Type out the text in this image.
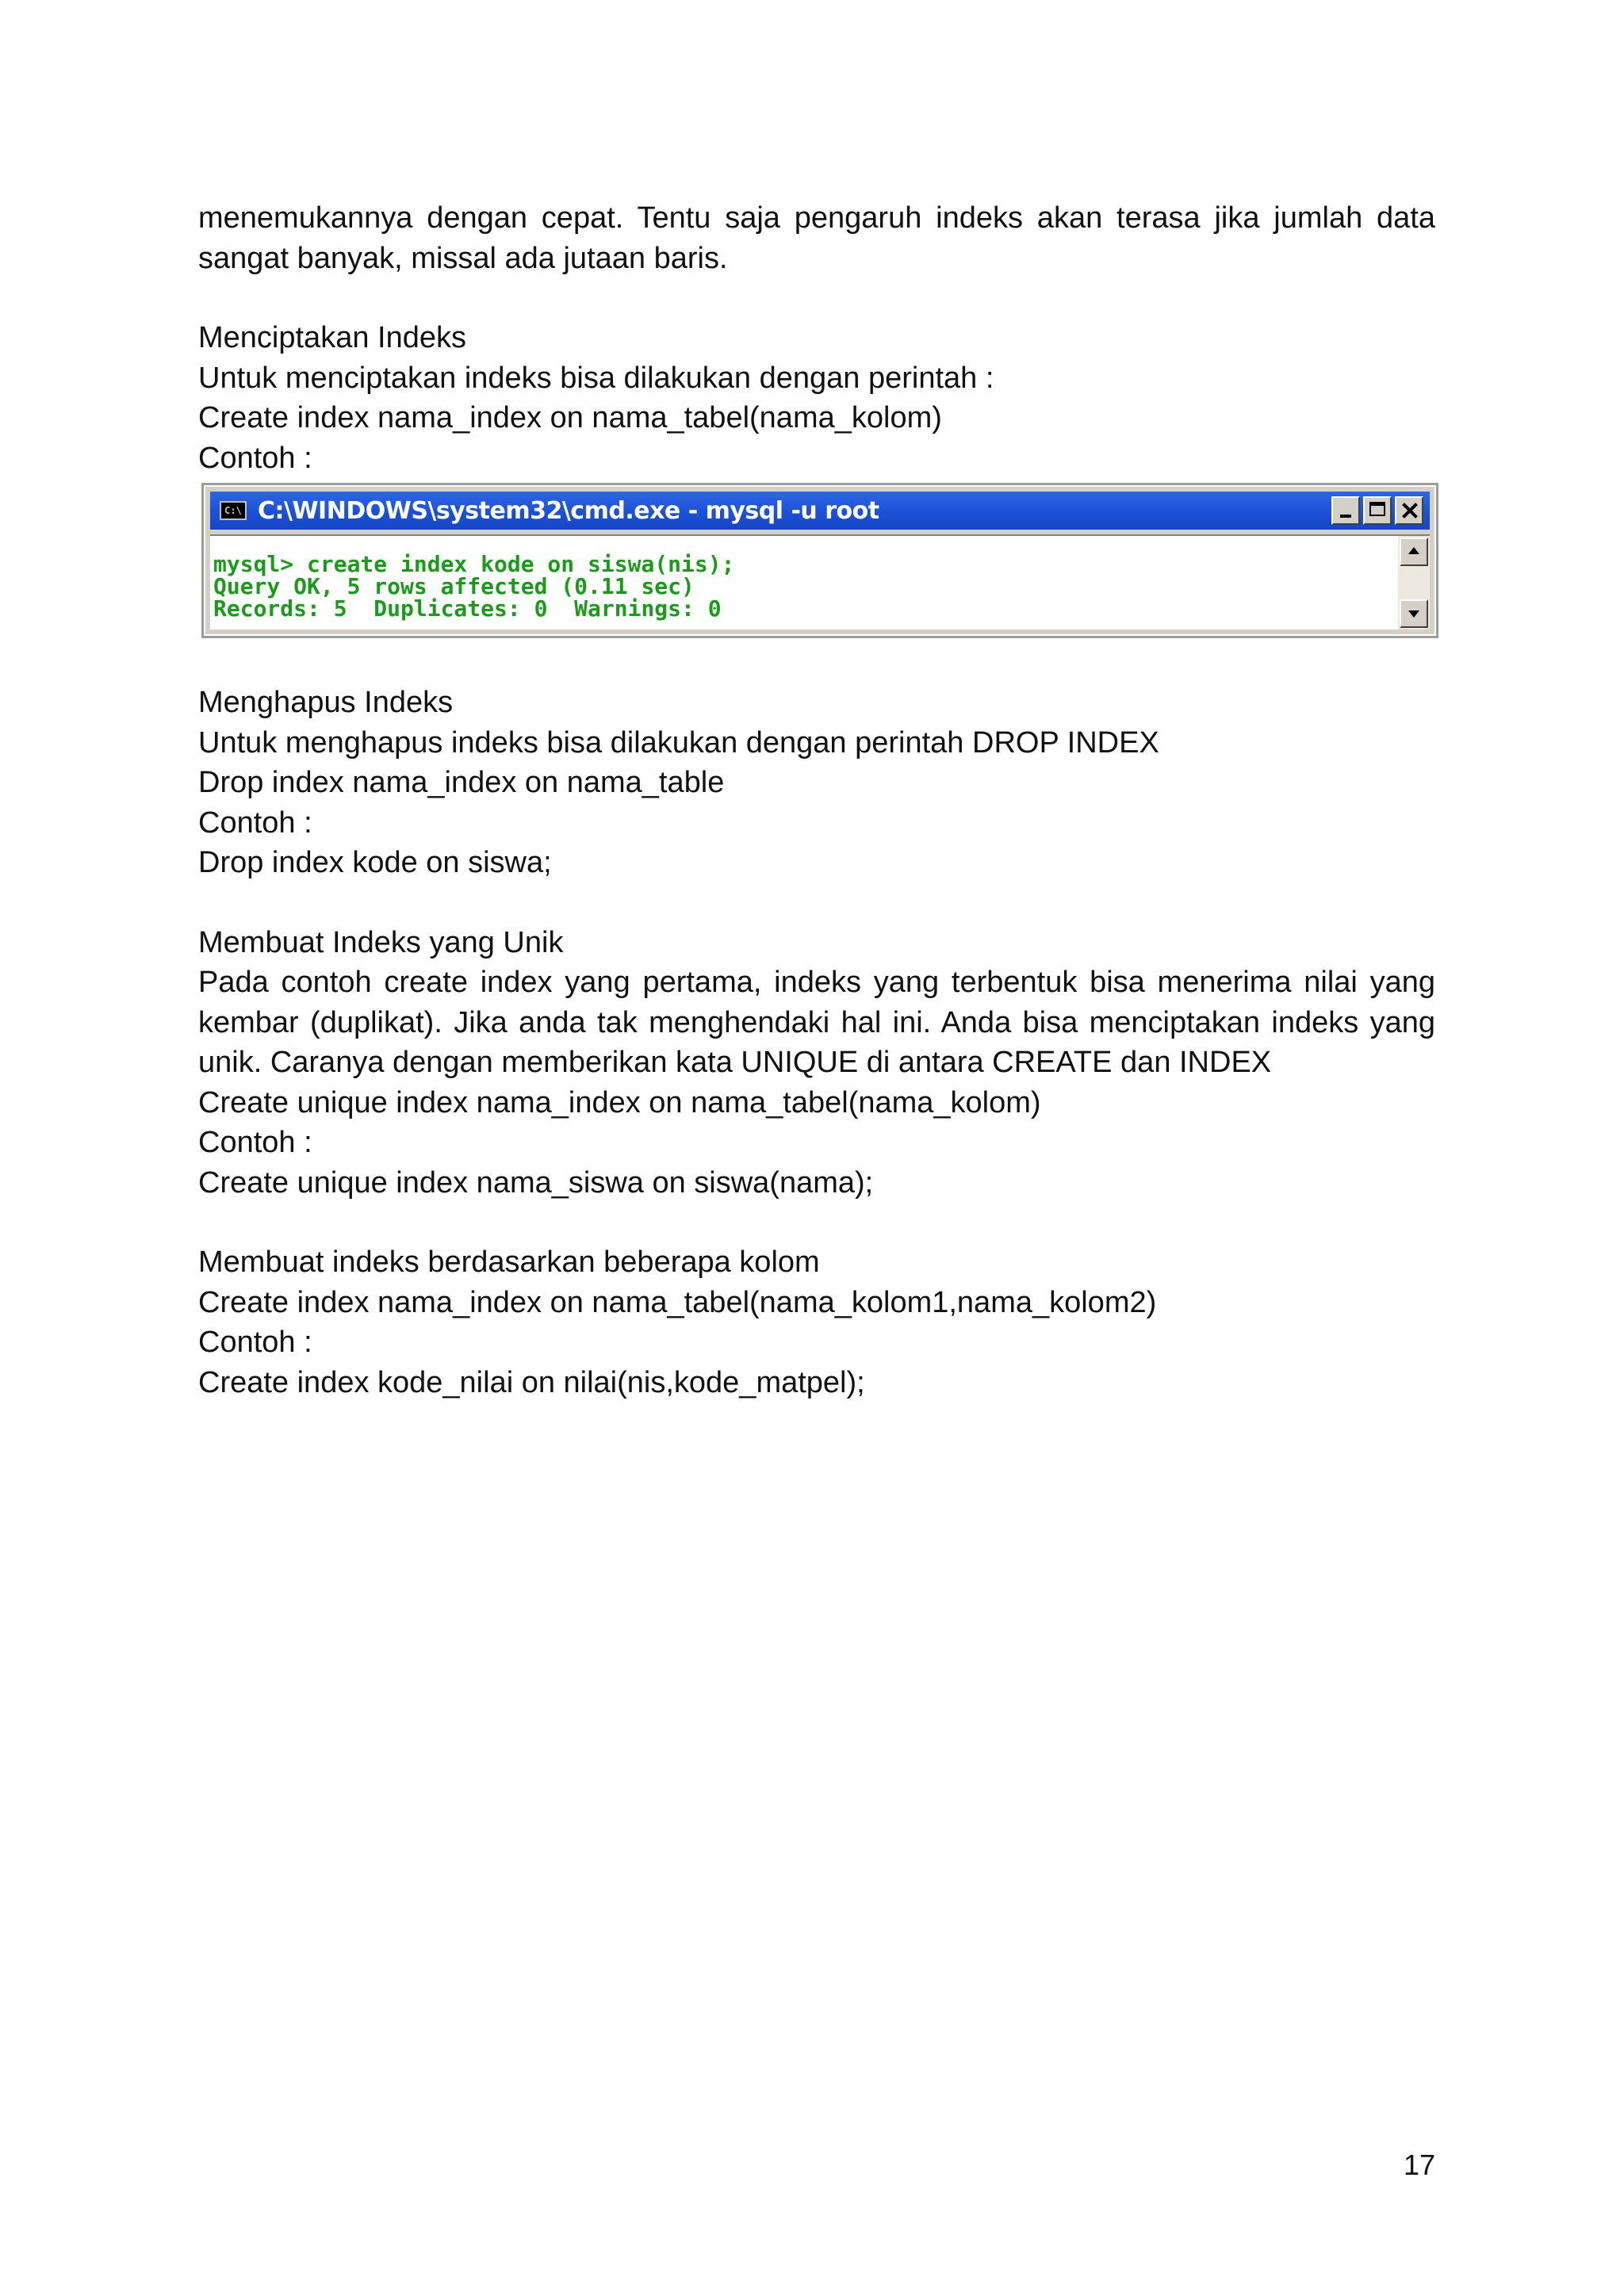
menemukannya dengan cepat. Tentu saja pengaruh indeks akan terasa jika jumlah data sangat banyak, missal ada jutaan baris.

Menciptakan Indeks

Untuk menciptakan indeks bisa dilakukan dengan perintah :

Create index nama_index on nama_tabel(nama_kolom)

Contoh :

C:\ C:\WINDOWS\system32\cmd.exe - mysql -u root

mysql> create index kode on siswa(nis);

Query OK, 5 rows affected (0.11 sec)

Records: 5  Duplicates: 0  Warnings: 0

Menghapus Indeks

Untuk menghapus indeks bisa dilakukan dengan perintah DROP INDEX

Drop index nama_index on nama_table

Contoh :

Drop index kode on siswa;

Membuat Indeks yang Unik

Pada contoh create index yang pertama, indeks yang terbentuk bisa menerima nilai yang kembar (duplikat). Jika anda tak menghendaki hal ini. Anda bisa menciptakan indeks yang unik. Caranya dengan memberikan kata UNIQUE di antara CREATE dan INDEX

Create unique index nama_index on nama_tabel(nama_kolom)

Contoh :

Create unique index nama_siswa on siswa(nama);

Membuat indeks berdasarkan beberapa kolom

Create index nama_index on nama_tabel(nama_kolom1,nama_kolom2)

Contoh :

Create index kode_nilai on nilai(nis,kode_matpel);

17
